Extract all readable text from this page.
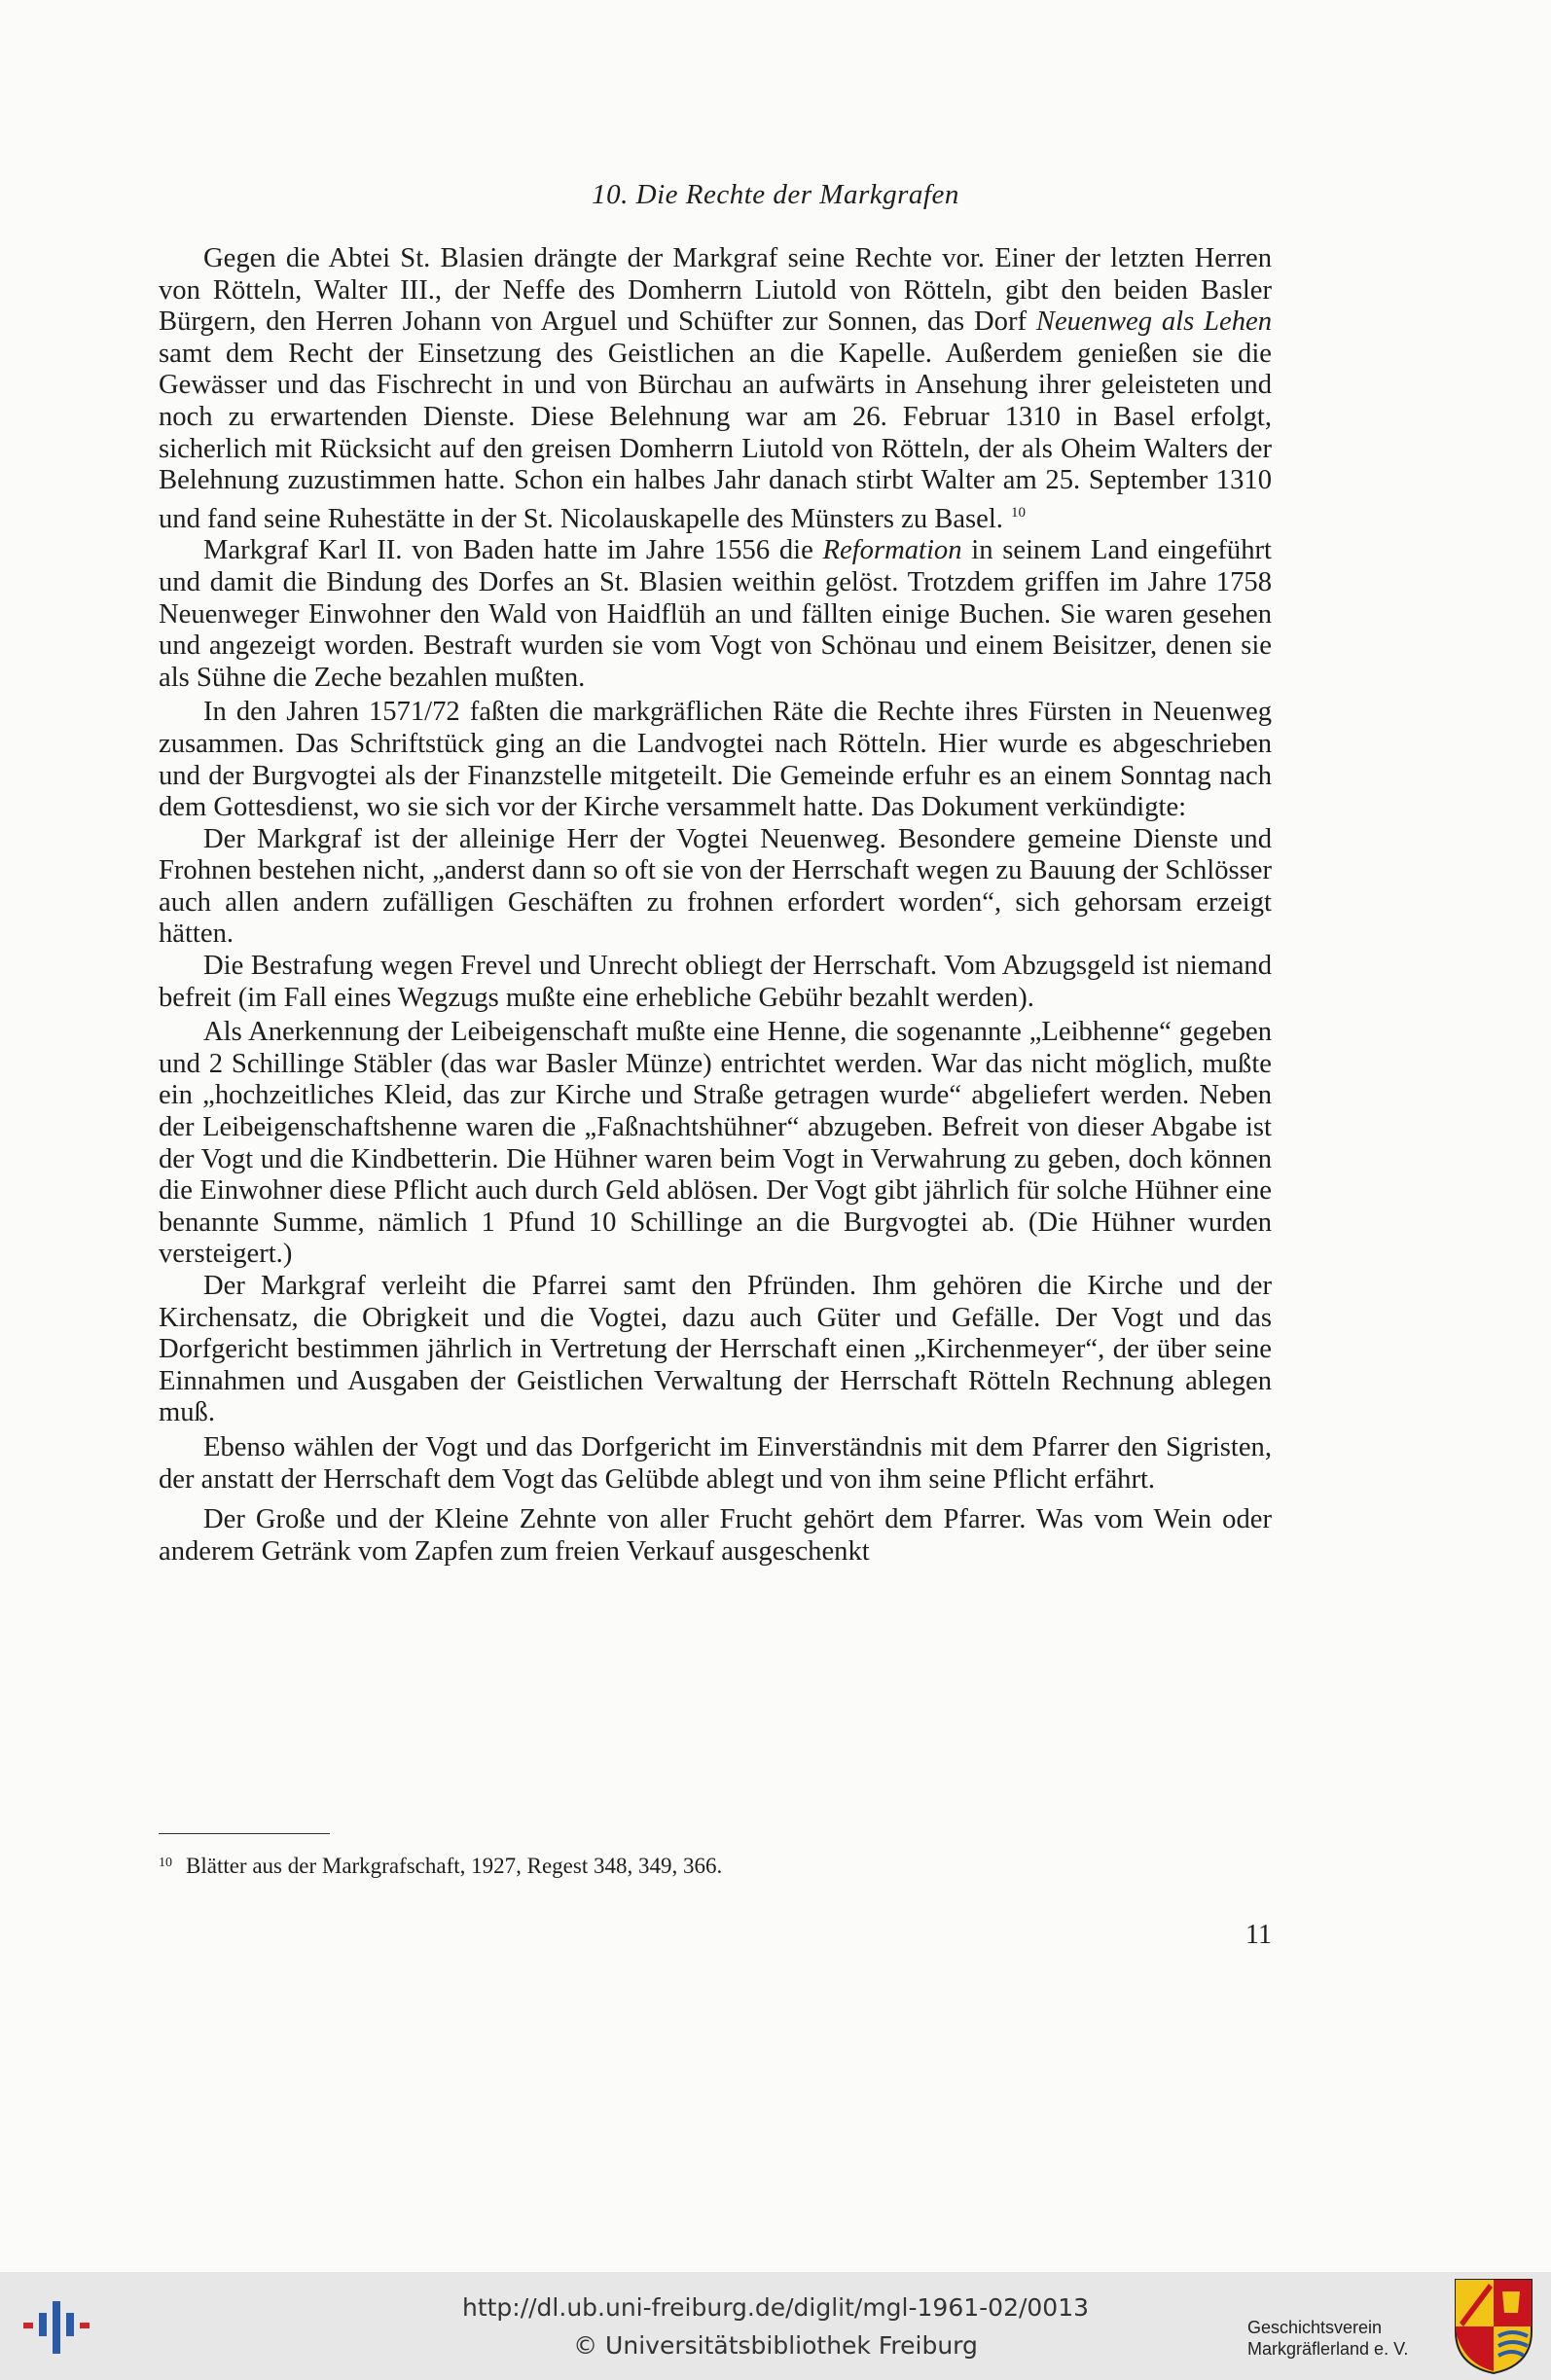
10. Die Rechte der Markgrafen

Gegen die Abtei St. Blasien drängte der Markgraf seine Rechte vor. Einer der letzten Herren von Rötteln, Walter III., der Neffe des Domherrn Liutold von Rötteln, gibt den beiden Basler Bürgern, den Herren Johann von Arguel und Schüfter zur Sonnen, das Dorf Neuenweg als Lehen samt dem Recht der Einsetzung des Geistlichen an die Kapelle. Außerdem genießen sie die Gewässer und das Fischrecht in und von Bürchau an aufwärts in Ansehung ihrer geleisteten und noch zu erwartenden Dienste. Diese Belehnung war am 26. Februar 1310 in Basel erfolgt, sicherlich mit Rücksicht auf den greisen Domherrn Liutold von Rötteln, der als Oheim Walters der Belehnung zuzustimmen hatte. Schon ein halbes Jahr danach stirbt Walter am 25. September 1310 und fand seine Ruhestätte in der St. Nicolauskapelle des Münsters zu Basel. $^{10}$

Markgraf Karl II. von Baden hatte im Jahre 1556 die Reformation in seinem Land eingeführt und damit die Bindung des Dorfes an St. Blasien weithin gelöst. Trotzdem griffen im Jahre 1758 Neuenweger Einwohner den Wald von Haidflüh an und fällten einige Buchen. Sie waren gesehen und angezeigt worden. Bestraft wurden sie vom Vogt von Schönau und einem Beisitzer, denen sie als Sühne die Zeche bezahlen mußten.

In den Jahren 1571/72 faßten die markgräflichen Räte die Rechte ihres Fürsten in Neuenweg zusammen. Das Schriftstück ging an die Landvogtei nach Rötteln. Hier wurde es abgeschrieben und der Burgvogtei als der Finanzstelle mitgeteilt. Die Gemeinde erfuhr es an einem Sonntag nach dem Gottesdienst, wo sie sich vor der Kirche versammelt hatte. Das Dokument verkündigte:

Der Markgraf ist der alleinige Herr der Vogtei Neuenweg. Besondere gemeine Dienste und Frohnen bestehen nicht, „anderst dann so oft sie von der Herrschaft wegen zu Bauung der Schlösser auch allen andern zufälligen Geschäften zu frohnen erfordert worden“, sich gehorsam erzeigt hätten.

Die Bestrafung wegen Frevel und Unrecht obliegt der Herrschaft. Vom Abzugsgeld ist niemand befreit (im Fall eines Wegzugs mußte eine erhebliche Gebühr bezahlt werden).

Als Anerkennung der Leibeigenschaft mußte eine Henne, die sogenannte „Leibhenne“ gegeben und 2 Schillinge Stäbler (das war Basler Münze) entrichtet werden. War das nicht möglich, mußte ein „hochzeitliches Kleid, das zur Kirche und Straße getragen wurde“ abgeliefert werden. Neben der Leibeigenschaftshenne waren die „Faßnachtshühner“ abzugeben. Befreit von dieser Abgabe ist der Vogt und die Kindbetterin. Die Hühner waren beim Vogt in Verwahrung zu geben, doch können die Einwohner diese Pflicht auch durch Geld ablösen. Der Vogt gibt jährlich für solche Hühner eine benannte Summe, nämlich 1 Pfund 10 Schillinge an die Burgvogtei ab. (Die Hühner wurden versteigert.)

Der Markgraf verleiht die Pfarrei samt den Pfründen. Ihm gehören die Kirche und der Kirchensatz, die Obrigkeit und die Vogtei, dazu auch Güter und Gefälle. Der Vogt und das Dorfgericht bestimmen jährlich in Vertretung der Herrschaft einen „Kirchenmeyer“, der über seine Einnahmen und Ausgaben der Geistlichen Verwaltung der Herrschaft Rötteln Rechnung ablegen muß.

Ebenso wählen der Vogt und das Dorfgericht im Einverständnis mit dem Pfarrer den Sigristen, der anstatt der Herrschaft dem Vogt das Gelübde ablegt und von ihm seine Pflicht erfährt.

Der Große und der Kleine Zehnte von aller Frucht gehört dem Pfarrer. Was vom Wein oder anderem Getränk vom Zapfen zum freien Verkauf ausgeschenkt

$^{10}$ Blätter aus der Markgrafschaft, 1927, Regest 348, 349, 366.
11
http://dl.ub.uni-freiburg.de/diglit/mgl-1961-02/0013
© Universitätsbibliothek Freiburg
Geschichtsverein
Markgräflerland e. V.
